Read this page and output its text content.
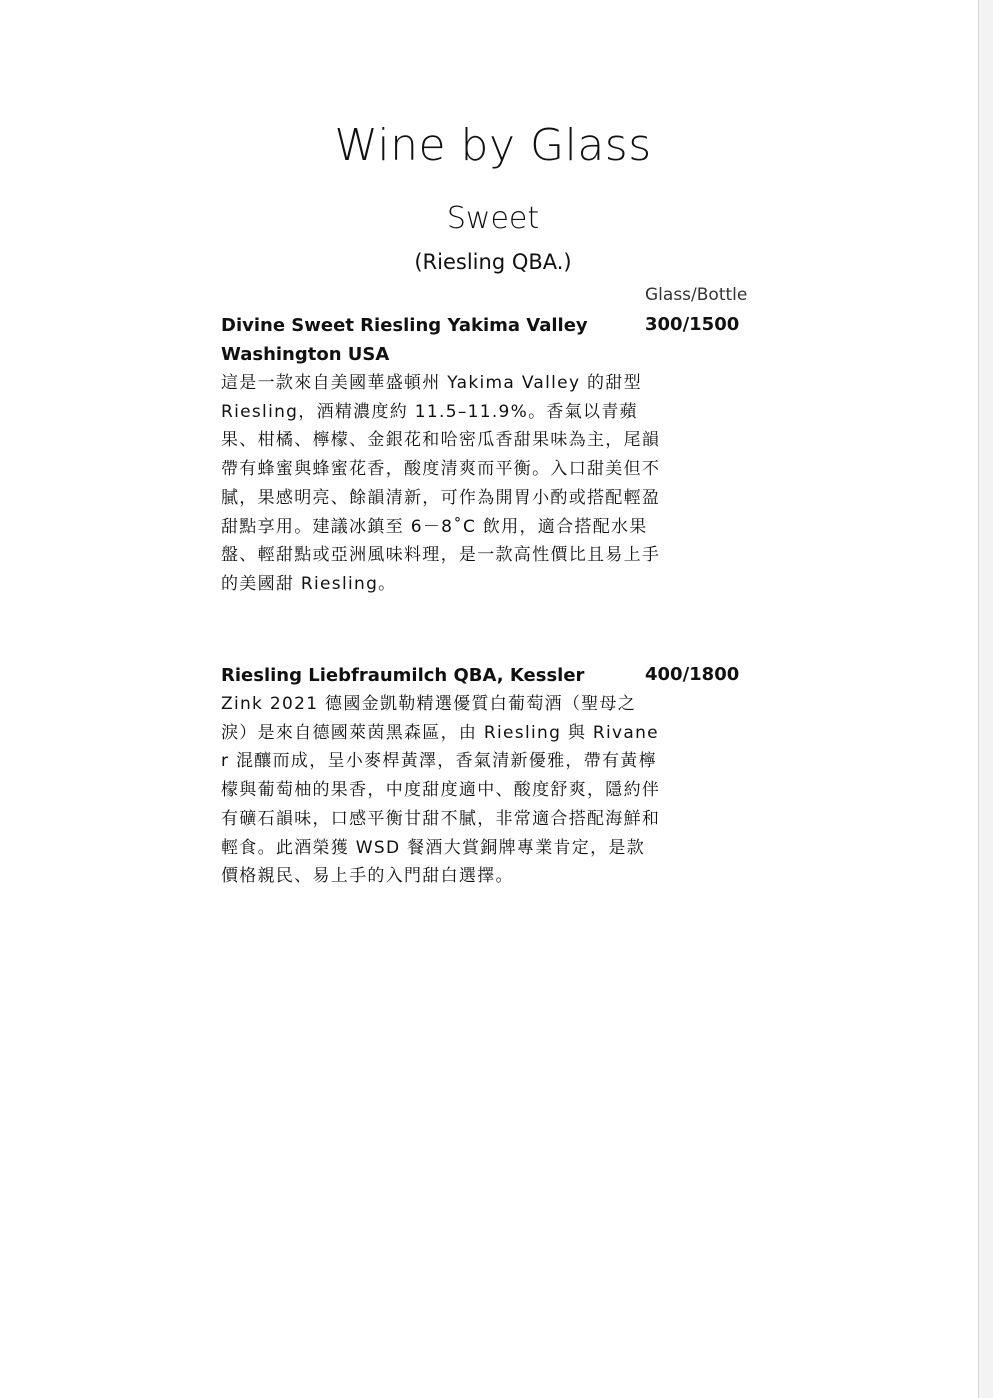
Wine by Glass
Sweet
(Riesling QBA.)
Glass/Bottle

Divine Sweet Riesling Yakima Valley Washington USA

這是一款來自美國華盛頓州 Yakima Valley 的甜型 Riesling，酒精濃度約 11.5–11.9%。香氣以青蘋果、柑橘、檸檬、金銀花和哈密瓜香甜果味為主，尾韻帶有蜂蜜與蜂蜜花香，酸度清爽而平衡。入口甜美但不膩，果感明亮、餘韻清新，可作為開胃小酌或搭配輕盈甜點享用。建議冰鎮至 6－8˚C 飲用，適合搭配水果盤、輕甜點或亞洲風味料理，是一款高性價比且易上手的美國甜 Riesling。

300/1500

Riesling Liebfraumilch QBA, Kessler

Zink 2021 德國金凱勒精選優質白葡萄酒（聖母之淚）是來自德國萊茵黑森區，由 Riesling 與 Rivaner 混釀而成，呈小麥桿黃澤，香氣清新優雅，帶有黃檸檬與葡萄柚的果香，中度甜度適中、酸度舒爽，隱約伴有礦石韻味，口感平衡甘甜不膩，非常適合搭配海鮮和輕食。此酒榮獲 WSD 餐酒大賞銅牌專業肯定，是款價格親民、易上手的入門甜白選擇。

400/1800
